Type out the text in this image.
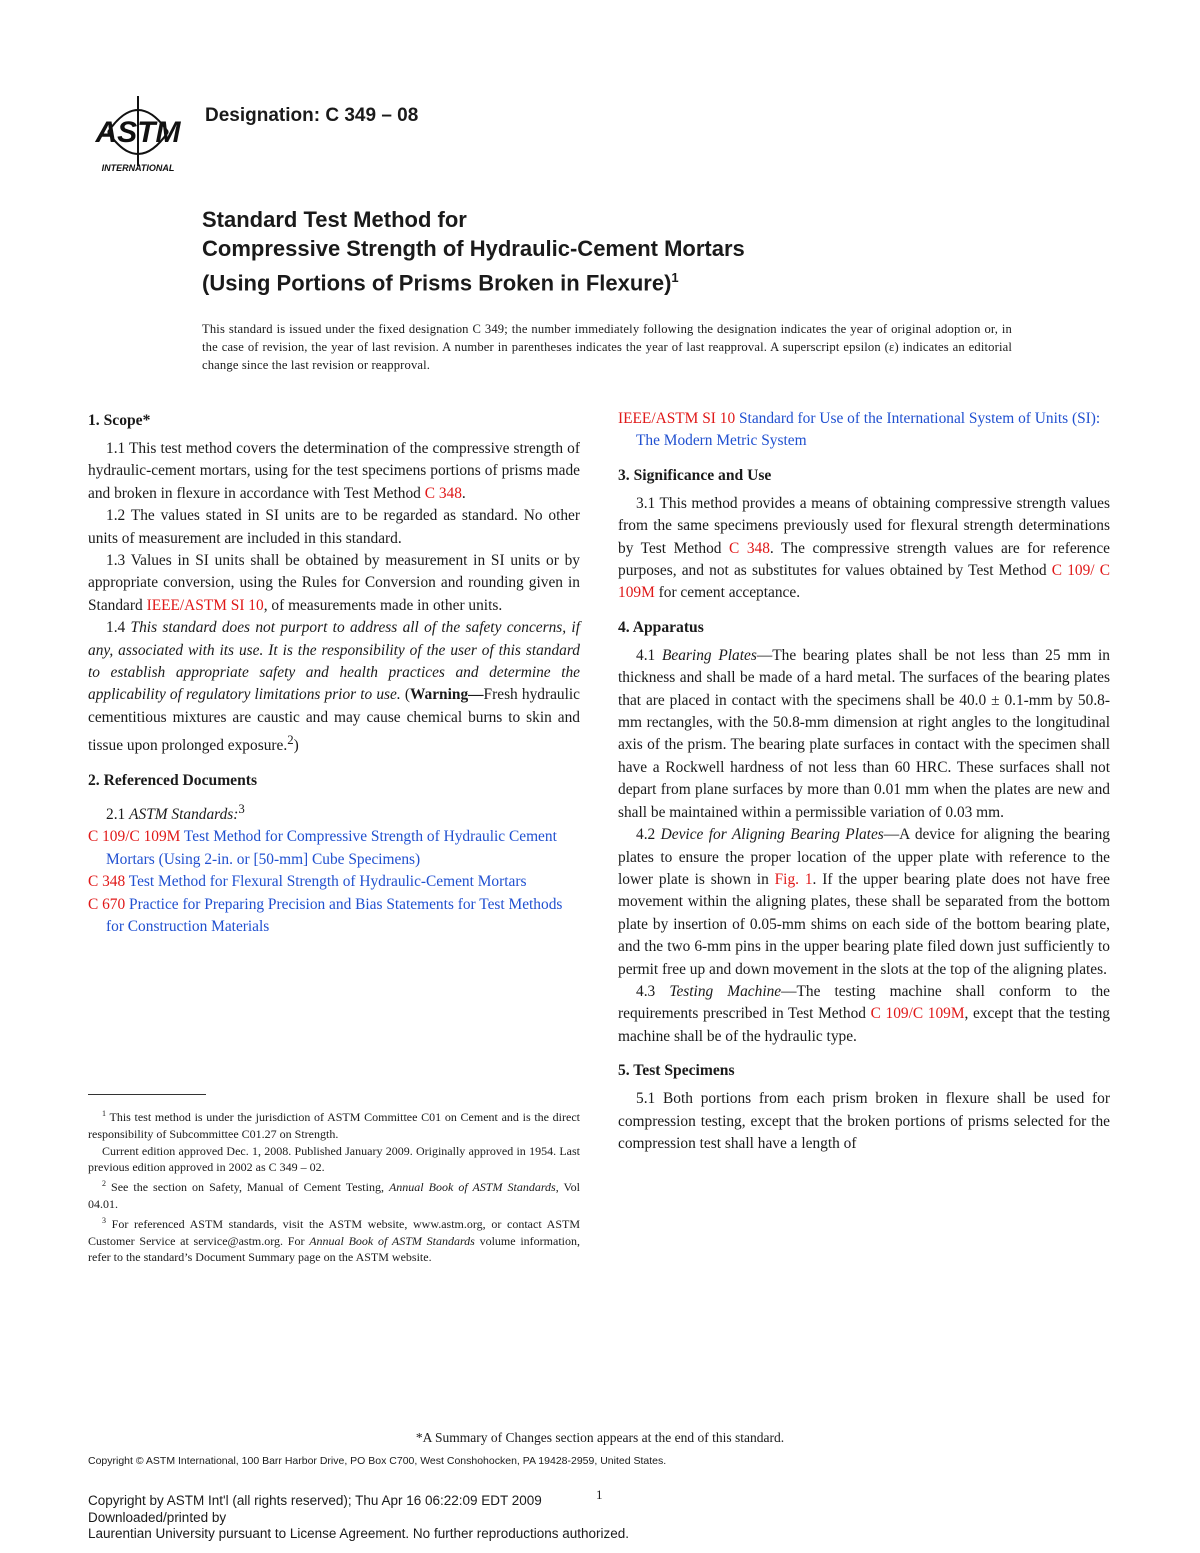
ASTM
INTERNATIONAL
Designation: C 349 – 08
Standard Test Method for
Compressive Strength of Hydraulic-Cement Mortars
(Using Portions of Prisms Broken in Flexure)$^1$
This standard is issued under the fixed designation C 349; the number immediately following the designation indicates the year of original adoption or, in the case of revision, the year of last revision. A number in parentheses indicates the year of last reapproval. A superscript epsilon (ε) indicates an editorial change since the last revision or reapproval.
1. Scope*

1.1 This test method covers the determination of the compressive strength of hydraulic-cement mortars, using for the test specimens portions of prisms made and broken in flexure in accordance with Test Method C 348.

1.2 The values stated in SI units are to be regarded as standard. No other units of measurement are included in this standard.

1.3 Values in SI units shall be obtained by measurement in SI units or by appropriate conversion, using the Rules for Conversion and rounding given in Standard IEEE/ASTM SI 10, of measurements made in other units.

1.4 This standard does not purport to address all of the safety concerns, if any, associated with its use. It is the responsibility of the user of this standard to establish appropriate safety and health practices and determine the applicability of regulatory limitations prior to use. (Warning—Fresh hydraulic cementitious mixtures are caustic and may cause chemical burns to skin and tissue upon prolonged exposure.$^2$)

2. Referenced Documents

2.1 ASTM Standards:$^3$

C 109/C 109M Test Method for Compressive Strength of Hydraulic Cement Mortars (Using 2-in. or [50-mm] Cube Specimens)
C 348 Test Method for Flexural Strength of Hydraulic-Cement Mortars
C 670 Practice for Preparing Precision and Bias Statements for Test Methods for Construction Materials

$^1$ This test method is under the jurisdiction of ASTM Committee C01 on Cement and is the direct responsibility of Subcommittee C01.27 on Strength.

Current edition approved Dec. 1, 2008. Published January 2009. Originally approved in 1954. Last previous edition approved in 2002 as C 349 – 02.

$^2$ See the section on Safety, Manual of Cement Testing, Annual Book of ASTM Standards, Vol 04.01.

$^3$ For referenced ASTM standards, visit the ASTM website, www.astm.org, or contact ASTM Customer Service at service@astm.org. For Annual Book of ASTM Standards volume information, refer to the standard’s Document Summary page on the ASTM website.

IEEE/ASTM SI 10 Standard for Use of the International System of Units (SI): The Modern Metric System
3. Significance and Use

3.1 This method provides a means of obtaining compressive strength values from the same specimens previously used for flexural strength determinations by Test Method C 348. The compressive strength values are for reference purposes, and not as substitutes for values obtained by Test Method C 109/ C 109M for cement acceptance.

4. Apparatus

4.1 Bearing Plates—The bearing plates shall be not less than 25 mm in thickness and shall be made of a hard metal. The surfaces of the bearing plates that are placed in contact with the specimens shall be 40.0 ± 0.1-mm by 50.8-mm rectangles, with the 50.8-mm dimension at right angles to the longitudinal axis of the prism. The bearing plate surfaces in contact with the specimen shall have a Rockwell hardness of not less than 60 HRC. These surfaces shall not depart from plane surfaces by more than 0.01 mm when the plates are new and shall be maintained within a permissible variation of 0.03 mm.

4.2 Device for Aligning Bearing Plates—A device for aligning the bearing plates to ensure the proper location of the upper plate with reference to the lower plate is shown in Fig. 1. If the upper bearing plate does not have free movement within the aligning plates, these shall be separated from the bottom plate by insertion of 0.05-mm shims on each side of the bottom bearing plate, and the two 6-mm pins in the upper bearing plate filed down just sufficiently to permit free up and down movement in the slots at the top of the aligning plates.

4.3 Testing Machine—The testing machine shall conform to the requirements prescribed in Test Method C 109/C 109M, except that the testing machine shall be of the hydraulic type.

5. Test Specimens

5.1 Both portions from each prism broken in flexure shall be used for compression testing, except that the broken portions of prisms selected for the compression test shall have a length of

*A Summary of Changes section appears at the end of this standard.
Copyright © ASTM International, 100 Barr Harbor Drive, PO Box C700, West Conshohocken, PA 19428-2959, United States.
1
Copyright by ASTM Int'l (all rights reserved); Thu Apr 16 06:22:09 EDT 2009
Downloaded/printed by
Laurentian University pursuant to License Agreement. No further reproductions authorized.
